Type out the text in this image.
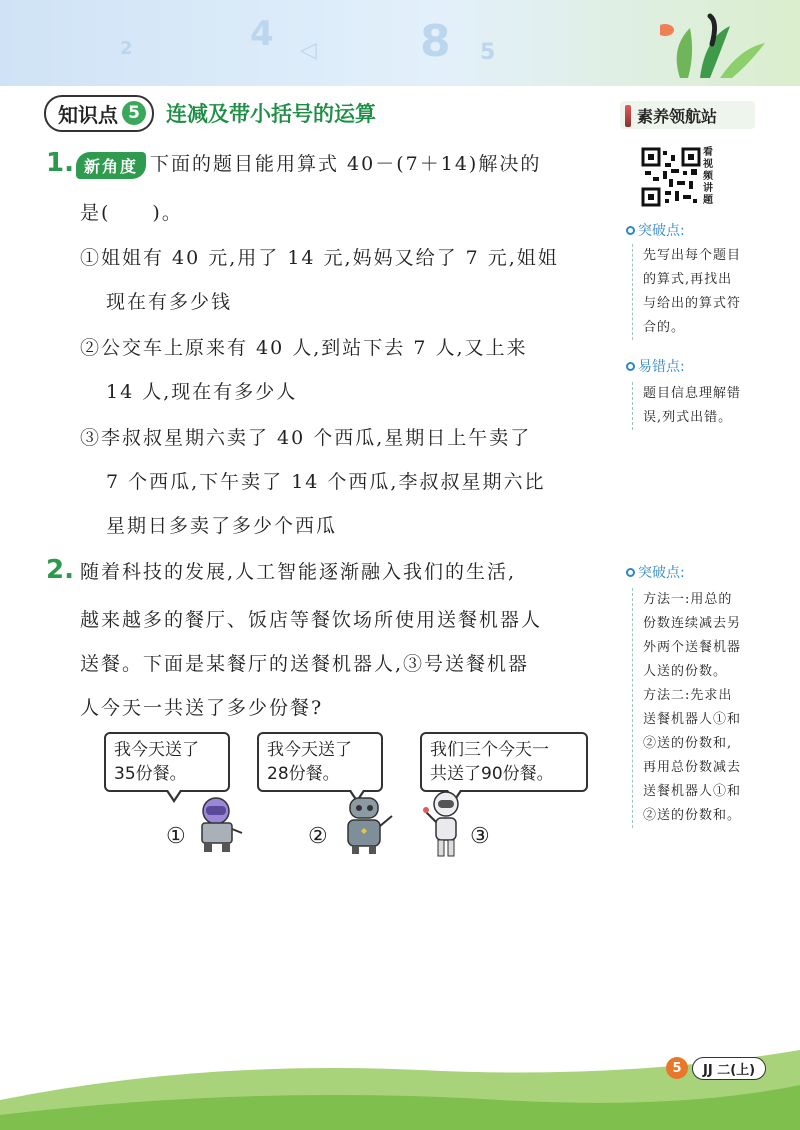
2	4 ◁ 8 5
知识点 5 连减及带小括号的运算	素养领航站
1. 新角度 下面的题目能用算式 40－(7＋14)解决的
是(　　)。
①姐姐有 40 元,用了 14 元,妈妈又给了 7 元,姐姐
现在有多少钱
②公交车上原来有 40 人,到站下去 7 人,又上来
14 人,现在有多少人
③李叔叔星期六卖了 40 个西瓜,星期日上午卖了
7 个西瓜,下午卖了 14 个西瓜,李叔叔星期六比
星期日多卖了多少个西瓜
2. 随着科技的发展,人工智能逐渐融入我们的生活,
越来越多的餐厅、饭店等餐饮场所使用送餐机器人
送餐。下面是某餐厅的送餐机器人,③号送餐机器
人今天一共送了多少份餐?
我今天送了
35份餐。
我今天送了
28份餐。
我们三个今天一
共送了90份餐。
①	②	③
看视频讲题
突破点:

先写出每个题目

的算式,再找出

与给出的算式符

合的。

易错点:

题目信息理解错

误,列式出错。

突破点:

方法一:用总的

份数连续减去另

外两个送餐机器

人送的份数。

方法二:先求出

送餐机器人①和

②送的份数和,

再用总份数减去

送餐机器人①和

②送的份数和。

5	JJ 二(上)
